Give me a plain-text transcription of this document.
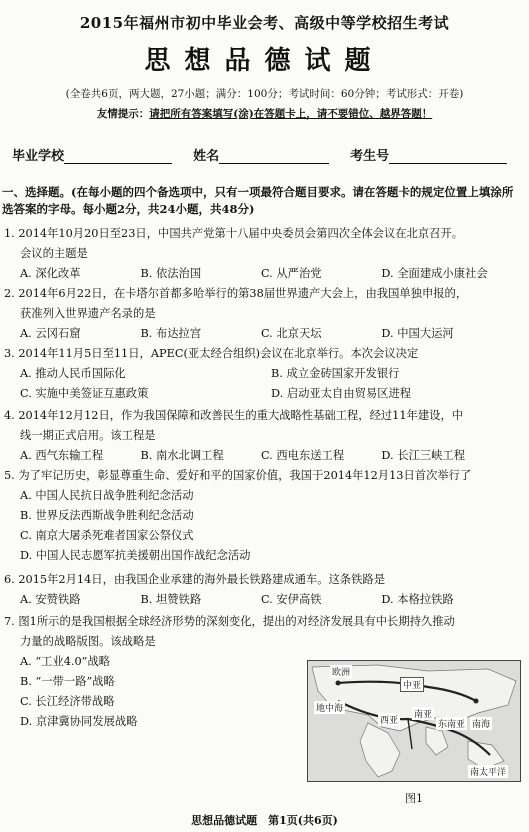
2015年福州市初中毕业会考、高级中等学校招生考试
思想品德试题
(全卷共6页，两大题，27小题；满分：100分；考试时间：60分钟；考试形式：开卷)
友情提示：请把所有答案填写(涂)在答题卡上，请不要错位、越界答题！
毕业学校	姓名	考生号
一、选择题。(在每小题的四个备选项中，只有一项最符合题目要求。请在答题卡的规定位置上填涂所选答案的字母。每小题2分，共24小题，共48分)
1. 2014年10月20日至23日，中国共产党第十八届中央委员会第四次全体会议在北京召开。
会议的主题是
A. 深化改革	B. 依法治国	C. 从严治党	D. 全面建成小康社会
2. 2014年6月22日，在卡塔尔首都多哈举行的第38届世界遗产大会上，由我国单独申报的，
获准列入世界遗产名录的是
A. 云冈石窟	B. 布达拉宫	C. 北京天坛	D. 中国大运河
3. 2014年11月5日至11日，APEC(亚太经合组织)会议在北京举行。本次会议决定
A. 推动人民币国际化	B. 成立金砖国家开发银行
C. 实施中美签证互惠政策	D. 启动亚太自由贸易区进程
4. 2014年12月12日，作为我国保障和改善民生的重大战略性基础工程，经过11年建设，中
线一期正式启用。该工程是
A. 西气东输工程	B. 南水北调工程	C. 西电东送工程	D. 长江三峡工程
5. 为了牢记历史，彰显尊重生命、爱好和平的国家价值，我国于2014年12月13日首次举行了
A. 中国人民抗日战争胜利纪念活动
B. 世界反法西斯战争胜利纪念活动
C. 南京大屠杀死难者国家公祭仪式
D. 中国人民志愿军抗美援朝出国作战纪念活动
6. 2015年2月14日，由我国企业承建的海外最长铁路建成通车。这条铁路是
A. 安赞铁路	B. 坦赞铁路	C. 安伊高铁	D. 本格拉铁路
7. 图1所示的是我国根据全球经济形势的深刻变化，提出的对经济发展具有中长期持久推动
力量的战略版图。该战略是
A. “工业4.0”战略
B. “一带一路”战略
C. 长江经济带战略
D. 京津冀协同发展战略
欧洲
中亚
地中海
西亚
南亚
东南亚 南海
南太平洋
图1
思想品德试题　第1页(共6页)
